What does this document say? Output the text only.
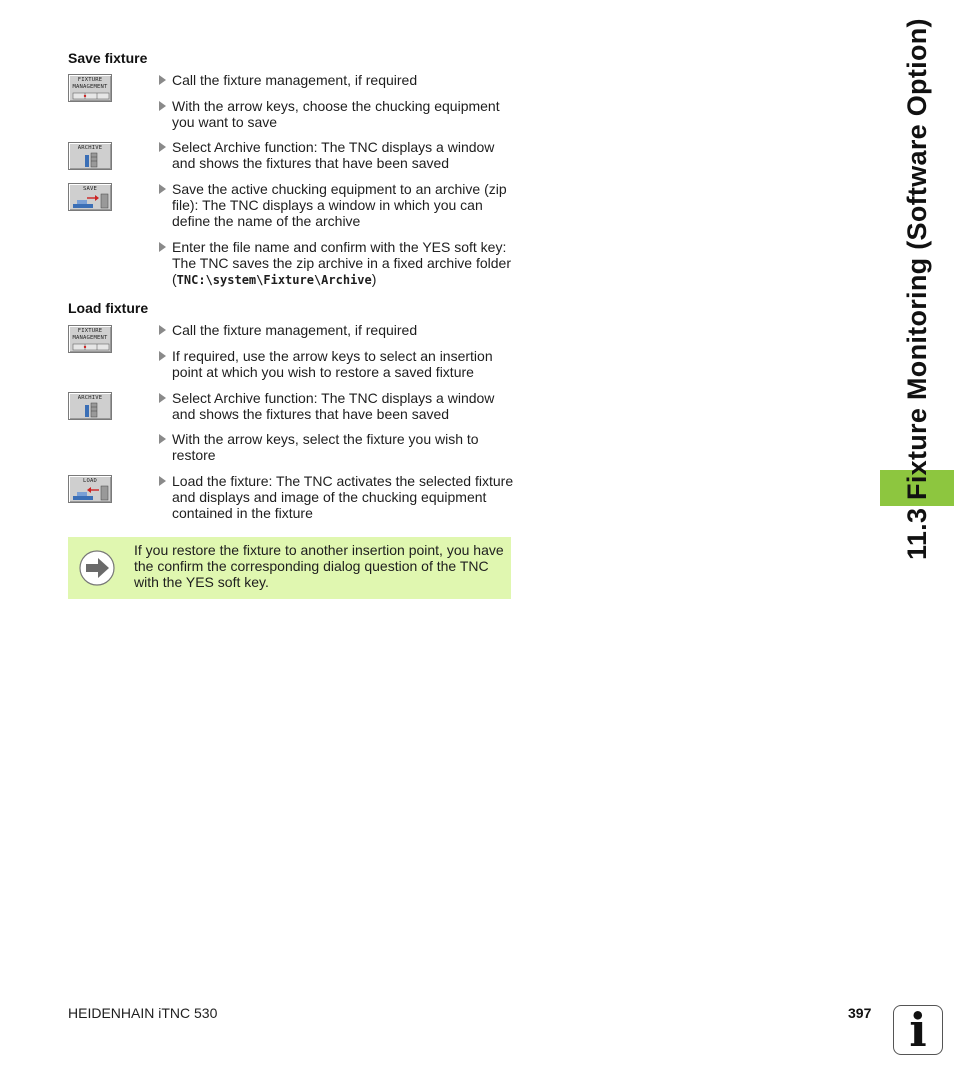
Save fixture
FIXTURE
MANAGEMENT	Call the fixture management, if required
With the arrow keys, choose the chucking equipment you want to save
ARCHIVE	Select Archive function: The TNC displays a window and shows the fixtures that have been saved
SAVE	Save the active chucking equipment to an archive (zip file): The TNC displays a window in which you can define the name of the archive
Enter the file name and confirm with the YES soft key: The TNC saves the zip archive in a fixed archive folder (TNC:\system\Fixture\Archive)
Load fixture
FIXTURE
MANAGEMENT	Call the fixture management, if required
If required, use the arrow keys to select an insertion point at which you wish to restore a saved fixture
ARCHIVE	Select Archive function: The TNC displays a window and shows the fixtures that have been saved
With the arrow keys, select the fixture you wish to restore
LOAD	Load the fixture: The TNC activates the selected fixture and displays and image of the chucking equipment contained in the fixture
If you restore the fixture to another insertion point, you have the confirm the corresponding dialog question of the TNC with the YES soft key.
11.3 Fixture Monitoring (Software Option)
HEIDENHAIN iTNC 530	397 i
